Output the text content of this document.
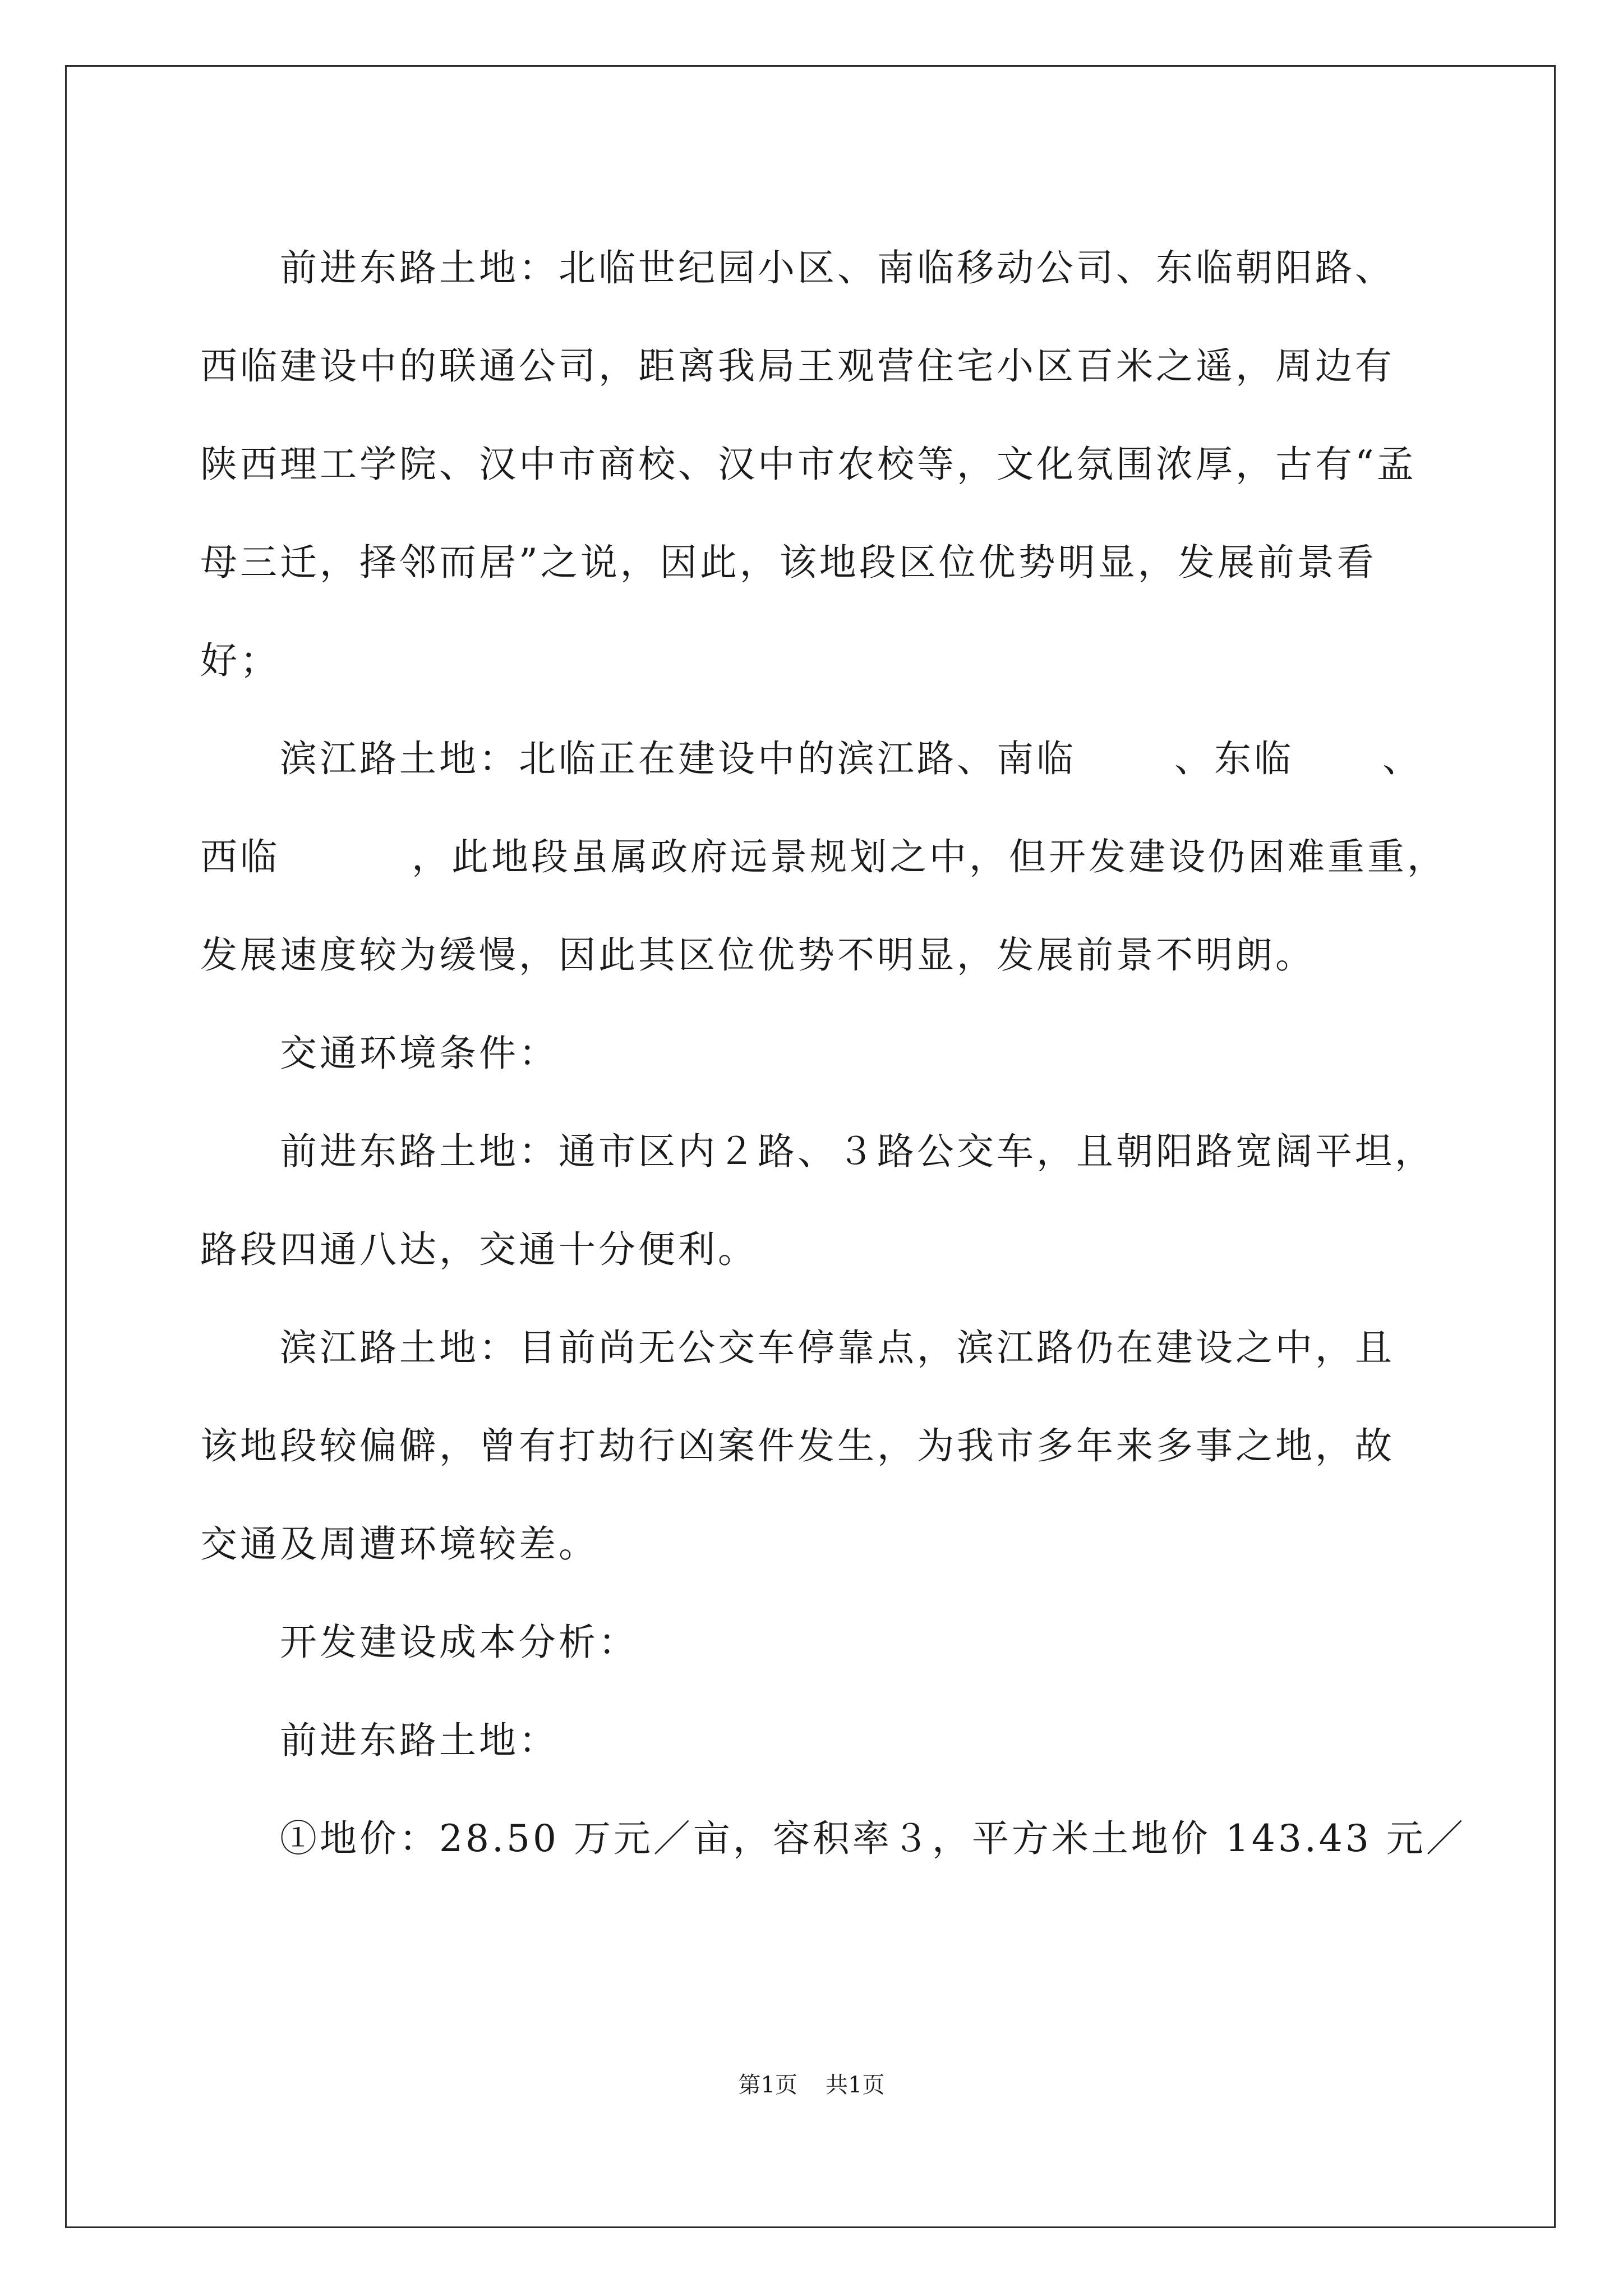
前进东路土地：北临世纪园小区、南临移动公司、东临朝阳路、
西临建设中的联通公司，距离我局王观营住宅小区百米之遥，周边有
陕西理工学院、汉中市商校、汉中市农校等，文化氛围浓厚，古有“孟
母三迁，择邻而居”之说，因此，该地段区位优势明显，发展前景看
好；

滨江路土地：北临正在建设中的滨江路、南临	、东临 、
西临	，此地段虽属政府远景规划之中，但开发建设仍困难重重，
发展速度较为缓慢，因此其区位优势不明显，发展前景不明朗。

交通环境条件：

前进东路土地：通市区内２路、３路公交车，且朝阳路宽阔平坦，
路段四通八达，交通十分便利。

滨江路土地：目前尚无公交车停靠点，滨江路仍在建设之中，且
该地段较偏僻，曾有打劫行凶案件发生，为我市多年来多事之地，故
交通及周遭环境较差。

开发建设成本分析：

前进东路土地：

①地价：28.50 万元／亩，容积率３，平方米土地价 143.43 元／

第1页 共1页
